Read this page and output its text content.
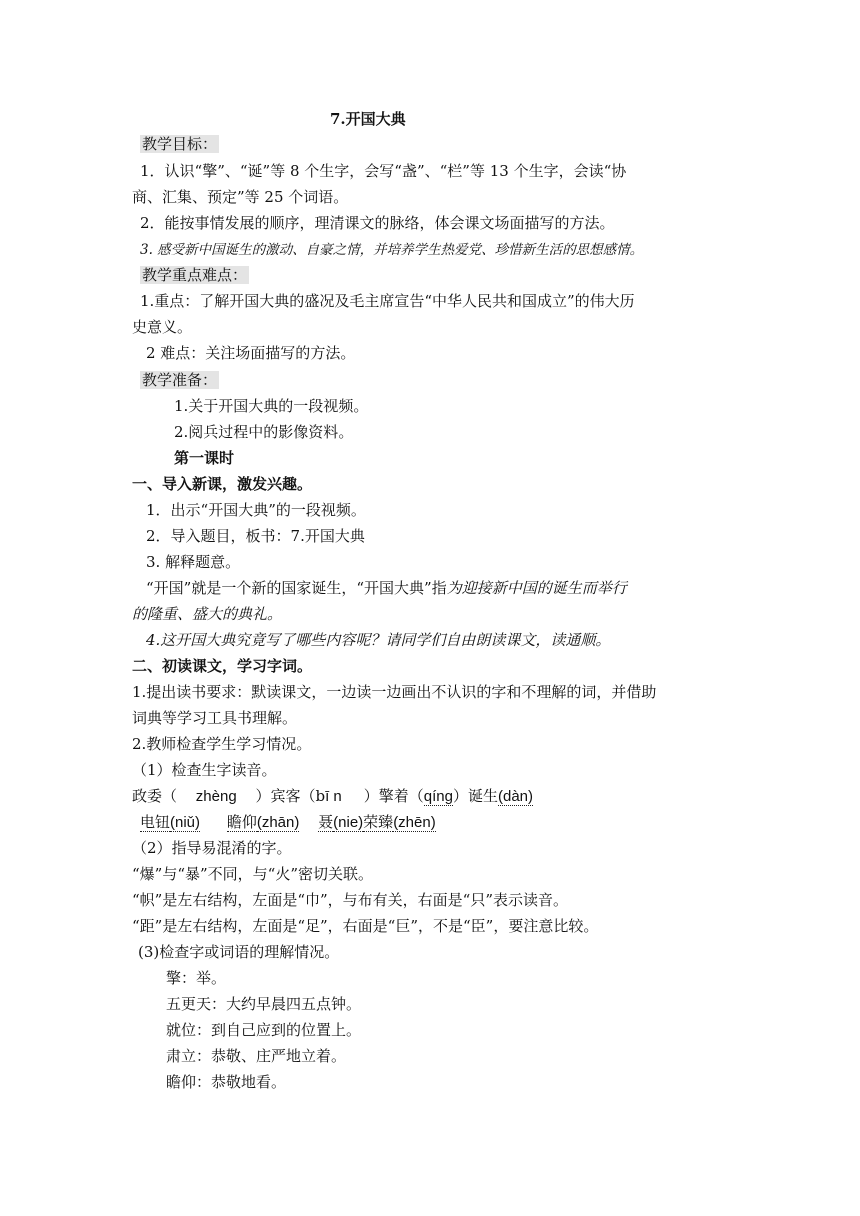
7.开国大典
教学目标：
1．认识“擎”、“诞”等 8 个生字，会写“盏”、“栏”等 13 个生字，会读“协
商、汇集、预定”等 25 个词语。
2．能按事情发展的顺序，理清课文的脉络，体会课文场面描写的方法。
3. 感受新中国诞生的激动、自豪之情，并培养学生热爱党、珍惜新生活的思想感情。
教学重点难点：
1.重点：了解开国大典的盛况及毛主席宣告“中华人民共和国成立”的伟大历
史意义。
2 难点：关注场面描写的方法。
教学准备：
1.关于开国大典的一段视频。
2.阅兵过程中的影像资料。
第一课时
一、导入新课，激发兴趣。
1．出示“开国大典”的一段视频。
2．导入题目，板书：7.开国大典
3. 解释题意。
“开国”就是一个新的国家诞生，“开国大典”指为迎接新中国的诞生而举行
的隆重、盛大的典礼。
4.这开国大典究竟写了哪些内容呢？请同学们自由朗读课文，读通顺。
二、初读课文，学习字词。
1.提出读书要求：默读课文，一边读一边画出不认识的字和不理解的词，并借助
词典等学习工具书理解。
2.教师检查学生学习情况。
（1）检查生字读音。
政委（ zhèng ）宾客（bī n ）擎着（qíng）诞生(dàn)
电钮(niǔ) 瞻仰(zhān) 聂(nie)荣臻(zhēn)
（2）指导易混淆的字。
“爆”与“暴”不同，与“火”密切关联。
“帜”是左右结构，左面是“巾”，与布有关，右面是“只”表示读音。
“距”是左右结构，左面是“足”，右面是“巨”，不是“臣”，要注意比较。
(3)检查字或词语的理解情况。
擎：举。
五更天：大约早晨四五点钟。
就位：到自己应到的位置上。
肃立：恭敬、庄严地立着。
瞻仰：恭敬地看。
